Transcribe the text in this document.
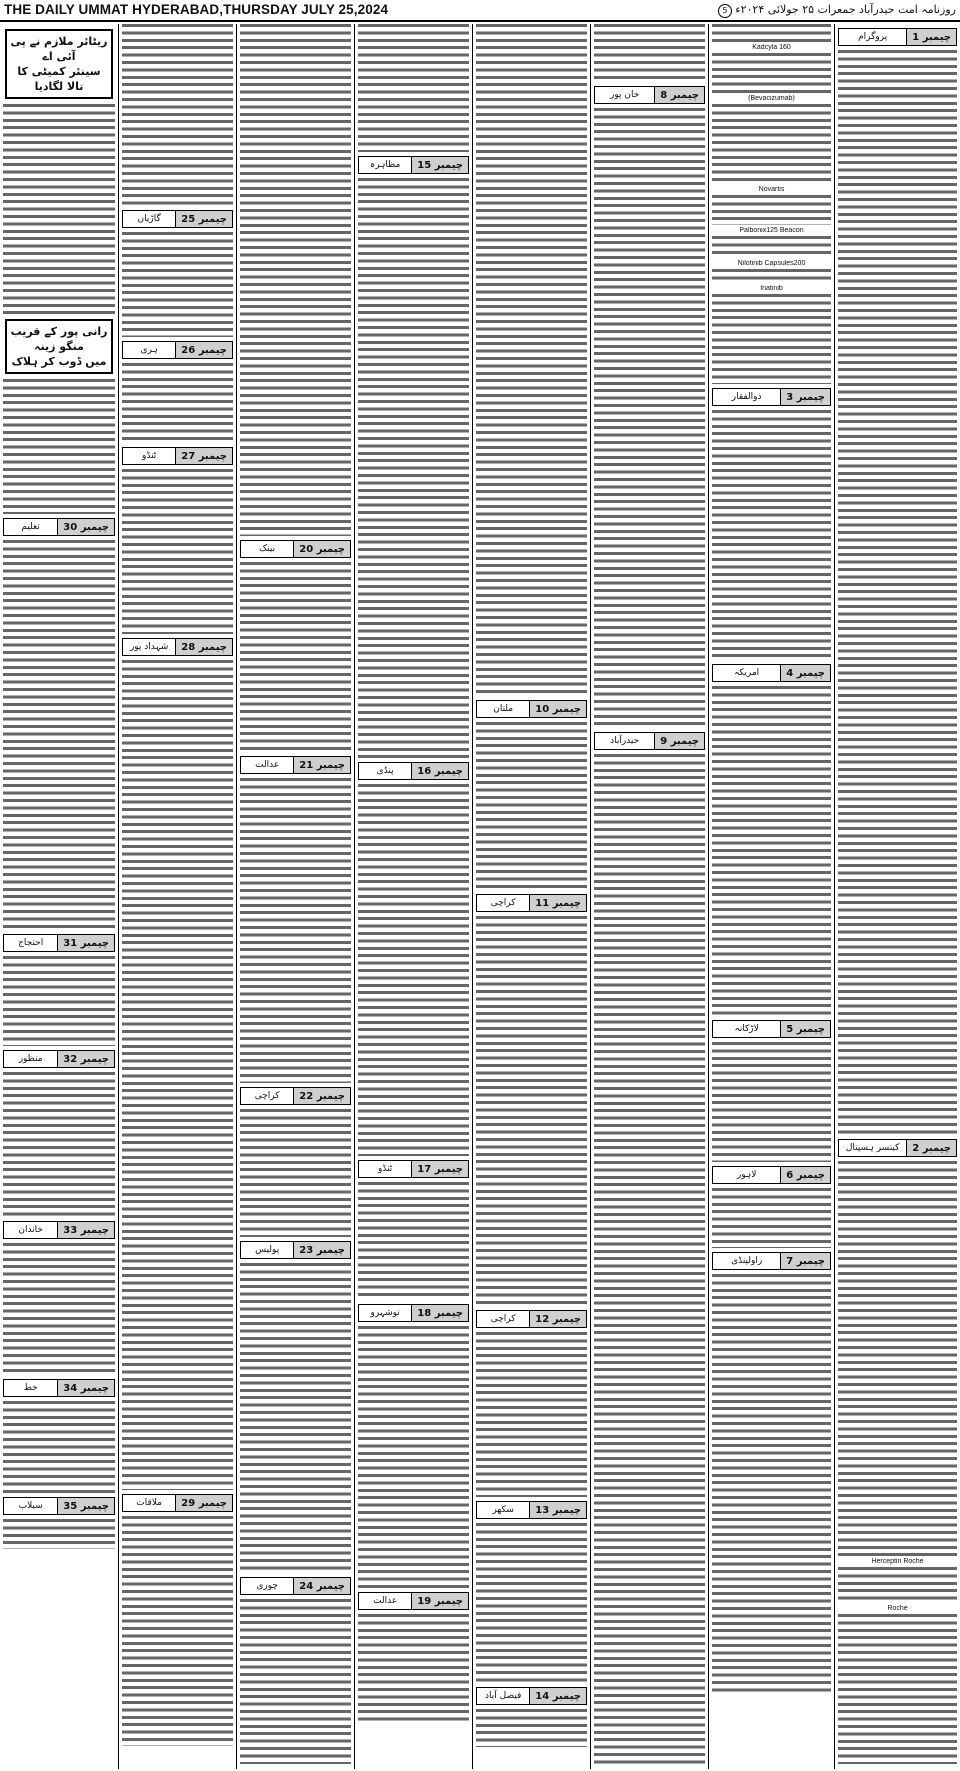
THE DAILY UMMAT HYDERABAD,THURSDAY JULY 25,2024	روزنامہ امت حیدرآباد جمعرات ۲۵ جولائی ۲۰۲۴ء 5
ریٹائر ملازم نے پی آئی اے
سینئر کمیٹی کا تالا لگادیا
رانی پور کے قریب منگو زینہ
میں ڈوب کر ہلاک
چیمبر 30
تعلیم
چیمبر 31
احتجاج
چیمبر 32
منظور
چیمبر 33
خاندان
چیمبر 34
خط
چیمبر 35
سیلاب
چیمبر 25
گاڑیاں
چیمبر 26
ہری
چیمبر 27
ٹنڈو
چیمبر 28
شہداد پور
چیمبر 29
ملاقات
چیمبر 20
بینک
چیمبر 21
عدالت
چیمبر 22
کراچی
چیمبر 23
پولیس
چیمبر 24
چوری
چیمبر 15
مظاہرہ
چیمبر 16
پنڈی
چیمبر 17
ٹنڈو
چیمبر 18
نوشہرو
چیمبر 19
عدالت
چیمبر 10
ملتان
چیمبر 11
کراچی
چیمبر 12
کراچی
چیمبر 13
سکھر
چیمبر 14
فیصل آباد
چیمبر 8
خان پور
چیمبر 9
حیدرآباد
Kadcyla 160
(Bevacizumab)
Novartis
Palbonix125 Beacon
Nilotinib Capsules200
Inatinib
چیمبر 3
ذوالفقار
چیمبر 4
امریکہ
چیمبر 5
لاڑکانہ
چیمبر 6
لاہور
چیمبر 7
راولپنڈی
چیمبر 1
پروگرام
چیمبر 2
کینسر ہسپتال
Herceptin Roche
Roche
